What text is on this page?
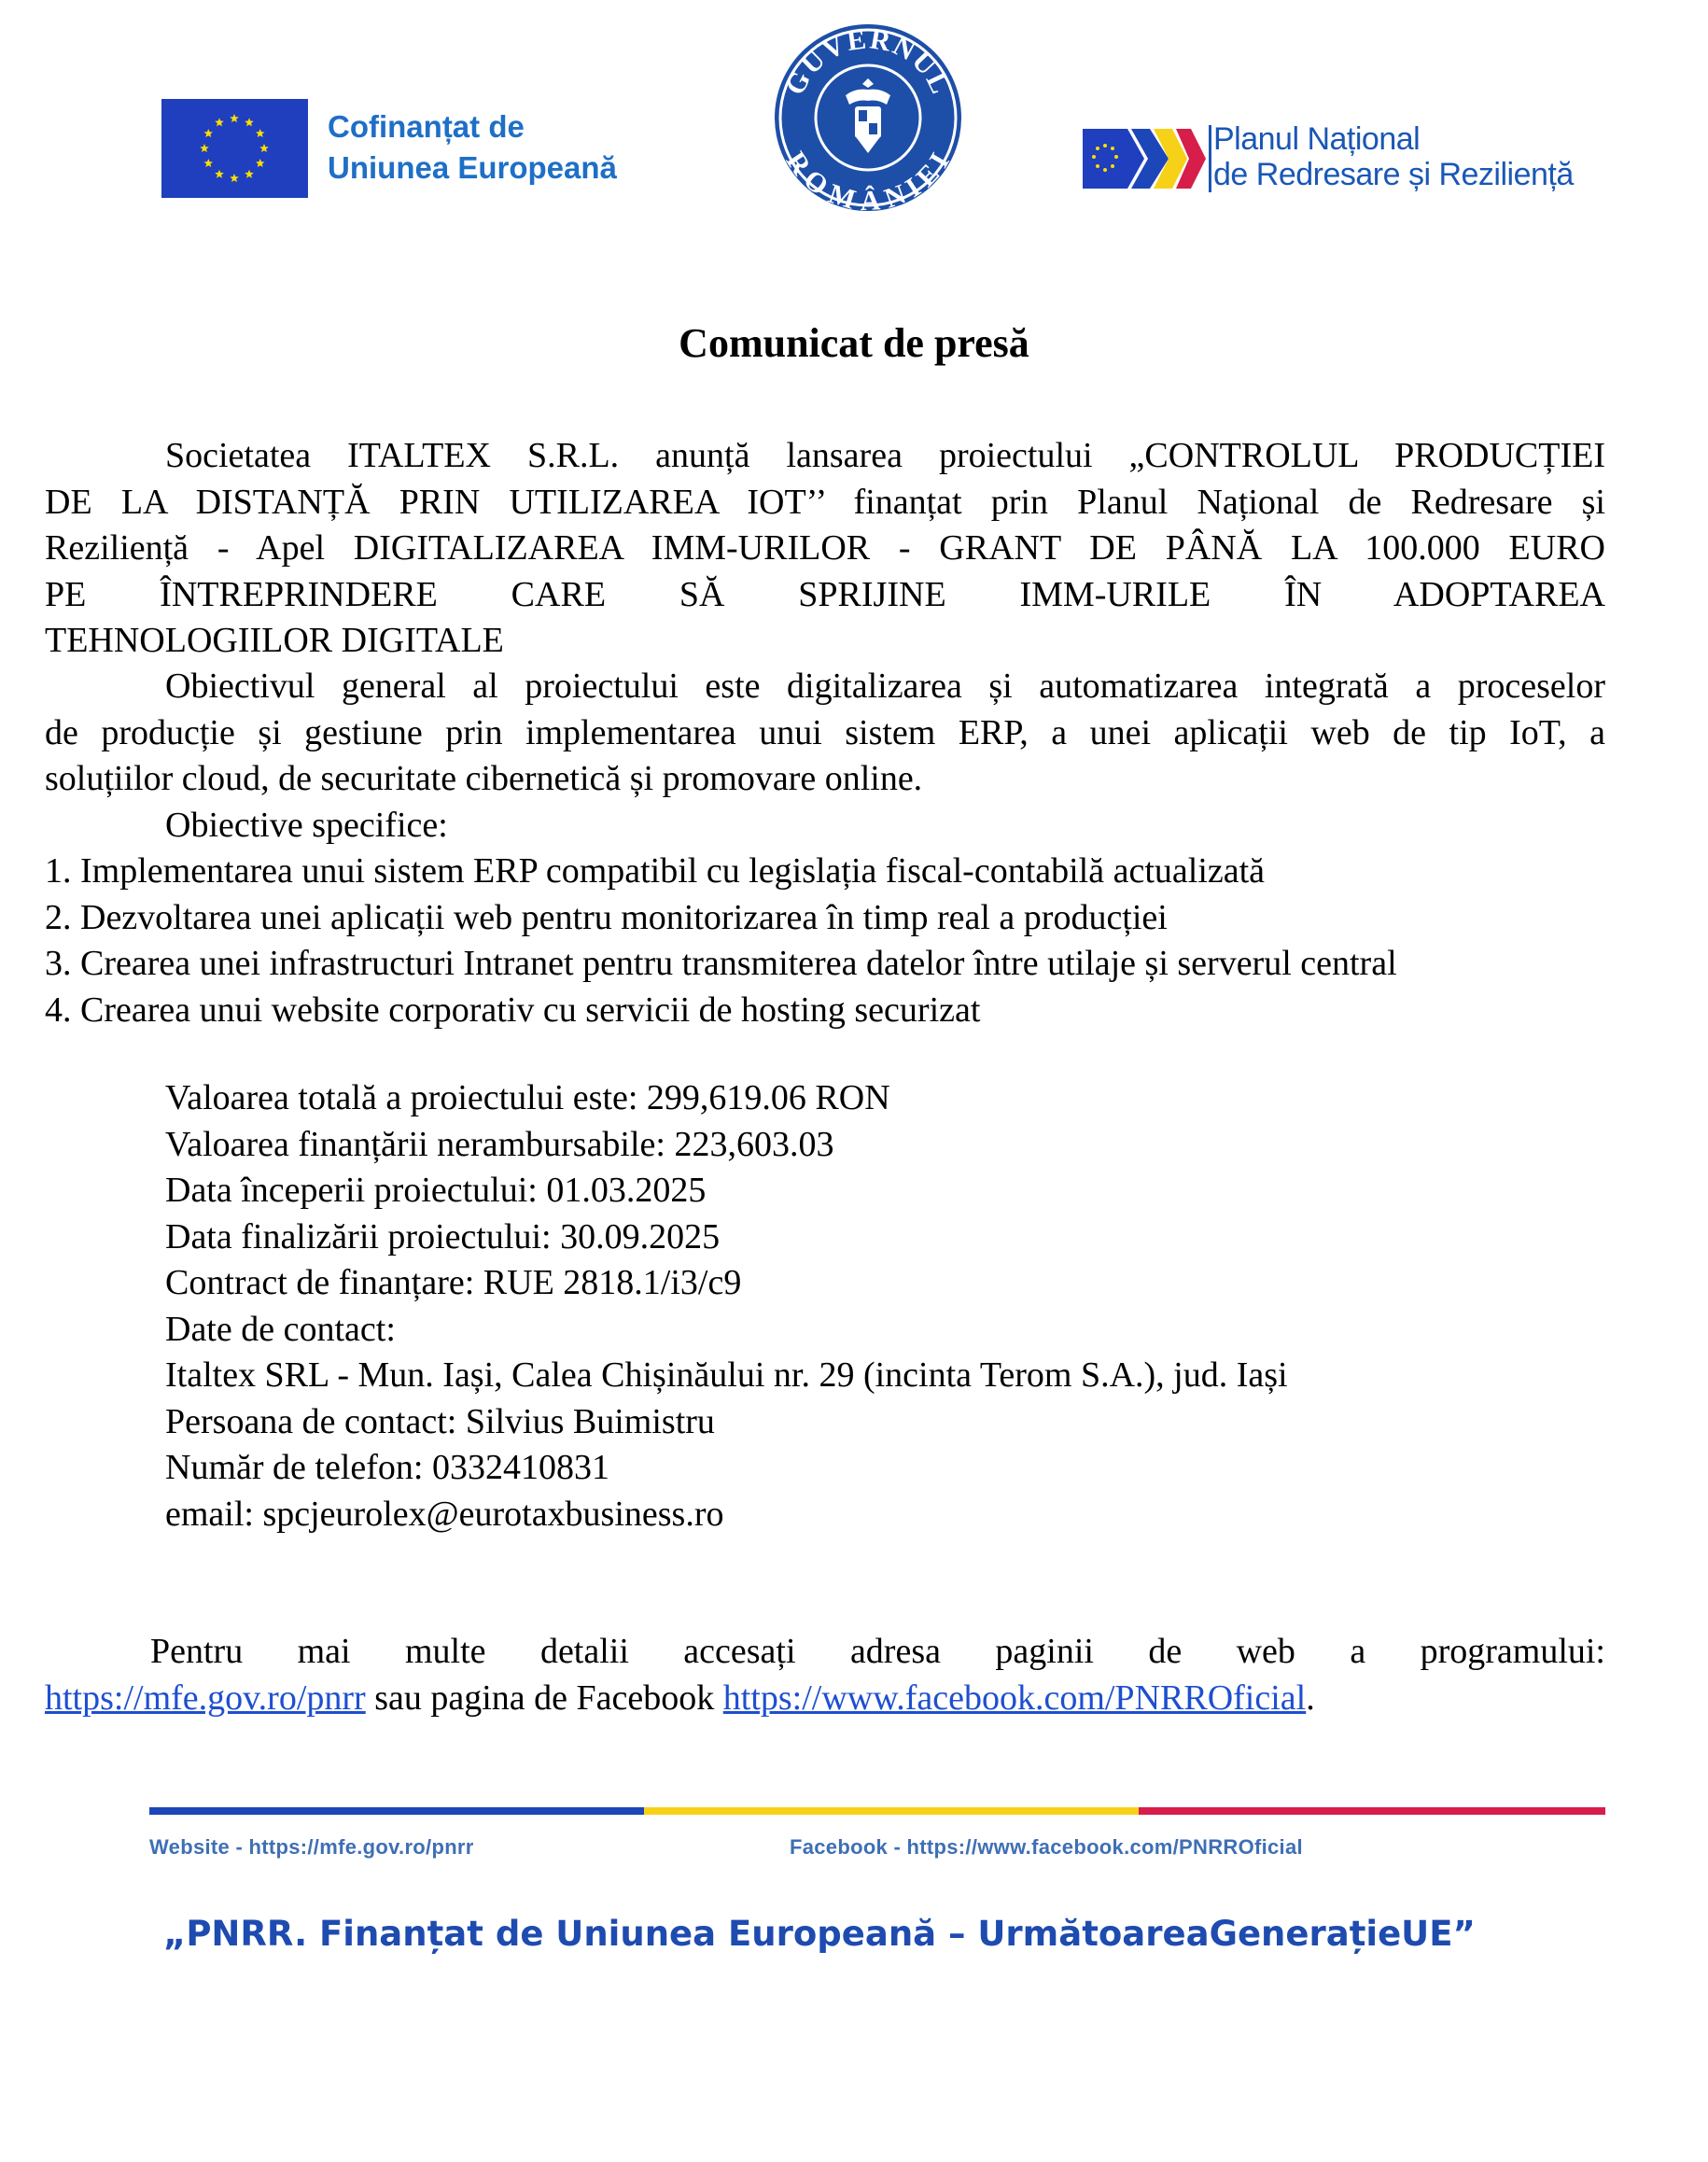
Cofinanțat de
Uniunea Europeană
GUVERNUL
ROMÂNIEI
Planul Național
de Redresare și Reziliență
Comunicat de presă
Societatea ITALTEX S.R.L. anunță lansarea proiectului „CONTROLUL PRODUCȚIEI
DE LA DISTANȚĂ PRIN UTILIZAREA IOT’’ finanțat prin Planul Național de Redresare și
Reziliență - Apel DIGITALIZAREA IMM-URILOR - GRANT DE PÂNĂ LA 100.000 EURO
PE ÎNTREPRINDERE CARE SĂ SPRIJINE IMM-URILE ÎN ADOPTAREA
TEHNOLOGIILOR DIGITALE
Obiectivul general al proiectului este digitalizarea și automatizarea integrată a proceselor
de producție și gestiune prin implementarea unui sistem ERP, a unei aplicații web de tip IoT, a
soluțiilor cloud, de securitate cibernetică și promovare online.
Obiective specifice:
1. Implementarea unui sistem ERP compatibil cu legislația fiscal-contabilă actualizată
2. Dezvoltarea unei aplicații web pentru monitorizarea în timp real a producției
3. Crearea unei infrastructuri Intranet pentru transmiterea datelor între utilaje și serverul central
4. Crearea unui website corporativ cu servicii de hosting securizat
Valoarea totală a proiectului este: 299,619.06 RON
Valoarea finanțării nerambursabile: 223,603.03
Data începerii proiectului: 01.03.2025
Data finalizării proiectului: 30.09.2025
Contract de finanțare: RUE 2818.1/i3/c9
Date de contact:
Italtex SRL - Mun. Iași, Calea Chișinăului nr. 29 (incinta Terom S.A.), jud. Iași
Persoana de contact: Silvius Buimistru
Număr de telefon: 0332410831
email: spcjeurolex@eurotaxbusiness.ro
Pentru mai multe detalii accesați adresa paginii de web a programului:
https://mfe.gov.ro/pnrr sau pagina de Facebook https://www.facebook.com/PNRROficial.
Website - https://mfe.gov.ro/pnrr	Facebook - https://www.facebook.com/PNRROficial
„PNRR. Finanțat de Uniunea Europeană – UrmătoareaGenerațieUE”
